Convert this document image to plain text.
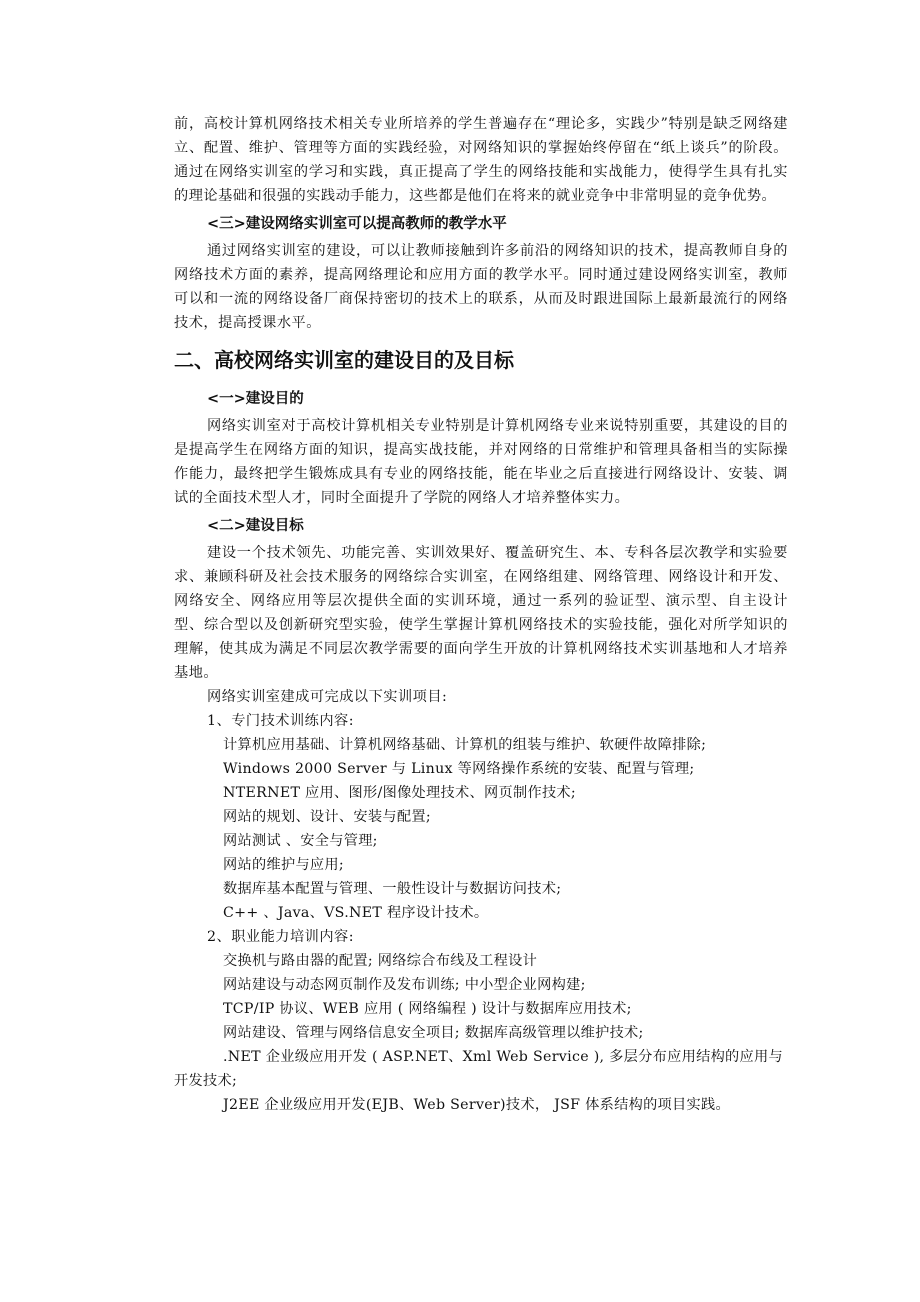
前，高校计算机网络技术相关专业所培养的学生普遍存在“理论多，实践少”特别是缺乏网络建立、配置、维护、管理等方面的实践经验，对网络知识的掌握始终停留在“纸上谈兵”的阶段。通过在网络实训室的学习和实践，真正提高了学生的网络技能和实战能力，使得学生具有扎实的理论基础和很强的实践动手能力，这些都是他们在将来的就业竞争中非常明显的竞争优势。

<三>建设网络实训室可以提高教师的教学水平

通过网络实训室的建设，可以让教师接触到许多前沿的网络知识的技术，提高教师自身的网络技术方面的素养，提高网络理论和应用方面的教学水平。同时通过建设网络实训室，教师可以和一流的网络设备厂商保持密切的技术上的联系，从而及时跟进国际上最新最流行的网络技术，提高授课水平。

二、高校网络实训室的建设目的及目标
<一>建设目的

网络实训室对于高校计算机相关专业特别是计算机网络专业来说特别重要，其建设的目的是提高学生在网络方面的知识，提高实战技能，并对网络的日常维护和管理具备相当的实际操作能力，最终把学生锻炼成具有专业的网络技能，能在毕业之后直接进行网络设计、安装、调试的全面技术型人才，同时全面提升了学院的网络人才培养整体实力。

<二>建设目标

建设一个技术领先、功能完善、实训效果好、覆盖研究生、本、专科各层次教学和实验要求、兼顾科研及社会技术服务的网络综合实训室，在网络组建、网络管理、网络设计和开发、网络安全、网络应用等层次提供全面的实训环境，通过一系列的验证型、演示型、自主设计型、综合型以及创新研究型实验，使学生掌握计算机网络技术的实验技能，强化对所学知识的理解，使其成为满足不同层次教学需要的面向学生开放的计算机网络技术实训基地和人才培养基地。

网络实训室建成可完成以下实训项目:

1、专门技术训练内容:

计算机应用基础、计算机网络基础、计算机的组装与维护、软硬件故障排除;

Windows 2000 Server 与 Linux 等网络操作系统的安装、配置与管理;

NTERNET 应用、图形/图像处理技术、网页制作技术;

网站的规划、设计、安装与配置;

网站测试 、安全与管理;

网站的维护与应用;

数据库基本配置与管理、一般性设计与数据访问技术;

C++ 、Java、VS.NET 程序设计技术。

2、职业能力培训内容:

交换机与路由器的配置; 网络综合布线及工程设计

网站建设与动态网页制作及发布训练; 中小型企业网构建;

TCP/IP 协议、WEB 应用 ( 网络编程 ) 设计与数据库应用技术;

网站建设、管理与网络信息安全项目; 数据库高级管理以维护技术;

.NET 企业级应用开发 ( ASP.NET、Xml Web Service ), 多层分布应用结构的应用与开发技术;

J2EE 企业级应用开发(EJB、Web Server)技术， JSF 体系结构的项目实践。
